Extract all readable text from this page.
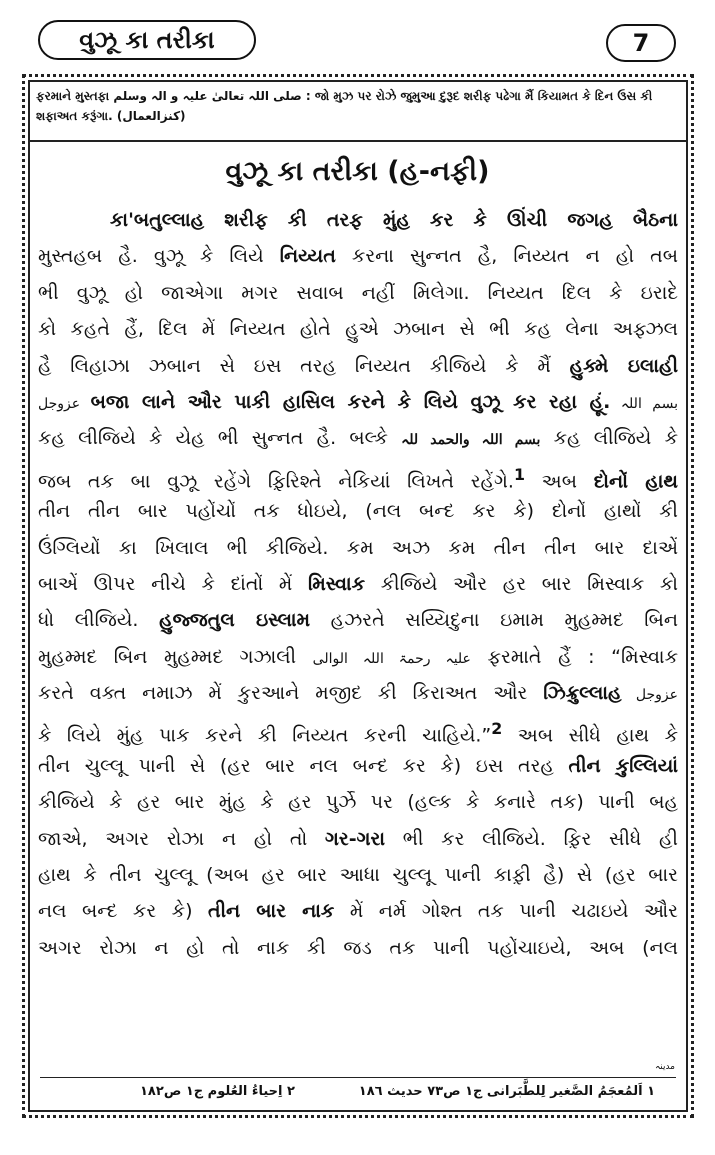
વુઝૂ કા તરીકા	7
ફરમાને મુસ્તફા صلی اللہ تعالیٰ علیہ و الہ وسلم : જો મુઝ પર રોઝે જુમુઆ દુરૂદ શરીફ પઢેગા મૈં કિયામત કે દિન ઉસ કી
શફાઅત કરૂંગા. (کنزالعمال)
વુઝૂ કા તરીકા (હ-નફી)
કા'બતુલ્લાહ શરીફ કી તરફ મુંહ કર કે ઊંચી જગહ બૈઠના
મુસ્તહબ હૈ. વુઝૂ કે લિયે નિય્યત કરના સુન્નત હૈ, નિય્યત ન હો તબ
ભી વુઝૂ હો જાએગા મગર સવાબ નહીં મિલેગા. નિય્યત દિલ કે ઇરાદે
કો કહતે હૈં, દિલ મેં નિય્યત હોતે હુએ ઝબાન સે ભી કહ લેના અફ્ઝલ
હૈ લિહાઝા ઝબાન સે ઇસ તરહ નિય્યત કીજિયે કે મૈં હુક્મે ઇલાહી
عزوجل બજા લાને ઔર પાકી હાસિલ કરને કે લિયે વુઝૂ કર રહા હૂં. بسم اللہ
કહ લીજિયે કે યેહ ભી સુન્નત હૈ. બલ્કે بسم اللہ والحمد للہ કહ લીજિયે કે
જબ તક બા વુઝૂ રહેંગે ફ઼િરિશ્તે નેકિયાં લિખતે રહેંગે.$^1$ અબ દોનોં હાથ
તીન તીન બાર પહોંચોં તક ધોઇયે, (નલ બન્દ કર કે) દોનોં હાથોં કી
ઉંગ્લિયોં કા ખિલાલ ભી કીજિયે. કમ અઝ કમ તીન તીન બાર દાએં
બાએં ઊપર નીચે કે દાંતોં મેં મિસ્વાક કીજિયે ઔર હર બાર મિસ્વાક કો
ધો લીજિયે. હુજ્જતુલ ઇસ્લામ હઝરતે સય્યિદુના ઇમામ મુહમ્મદ બિન
મુહમ્મદ બિન મુહમ્મદ ગઝાલી علیہ رحمۃ اللہ الوالی ફરમાતે હૈં : “મિસ્વાક
કરતે વક્ત નમાઝ મેં કુરઆને મજીદ કી કિરાઅત ઔર ઝિક્રુલ્લાહ عزوجل
કે લિયે મુંહ પાક કરને કી નિય્યત કરની ચાહિયે.”$^2$ અબ સીધે હાથ કે
તીન ચુલ્લૂ પાની સે (હર બાર નલ બન્દ કર કે) ઇસ તરહ તીન કુલ્લિયાં
કીજિયે કે હર બાર મુંહ કે હર પુર્ઝે પર (હલ્ક કે કનારે તક) પાની બહ
જાએ, અગર રોઝા ન હો તો ગર-ગરા ભી કર લીજિયે. ફ઼િર સીધે હી
હાથ કે તીન ચુલ્લૂ (અબ હર બાર આધા ચુલ્લૂ પાની કાફ઼ી હૈ) સે (હર બાર
નલ બન્દ કર કે) તીન બાર નાક મેં નર્મ ગોશ્ત તક પાની ચઢાઇયે ઔર
અગર રોઝા ન હો તો નાક કી જડ તક પાની પહોંચાઇયે, અબ (નલ
مدینہ
٢ اِحیاءُ العُلوم ج١ ص١٨٢	١ اَلمُعجَمُ الصَّغیر لِلطَّبَرانی ج١ ص٧٣ حدیث ١٨٦
